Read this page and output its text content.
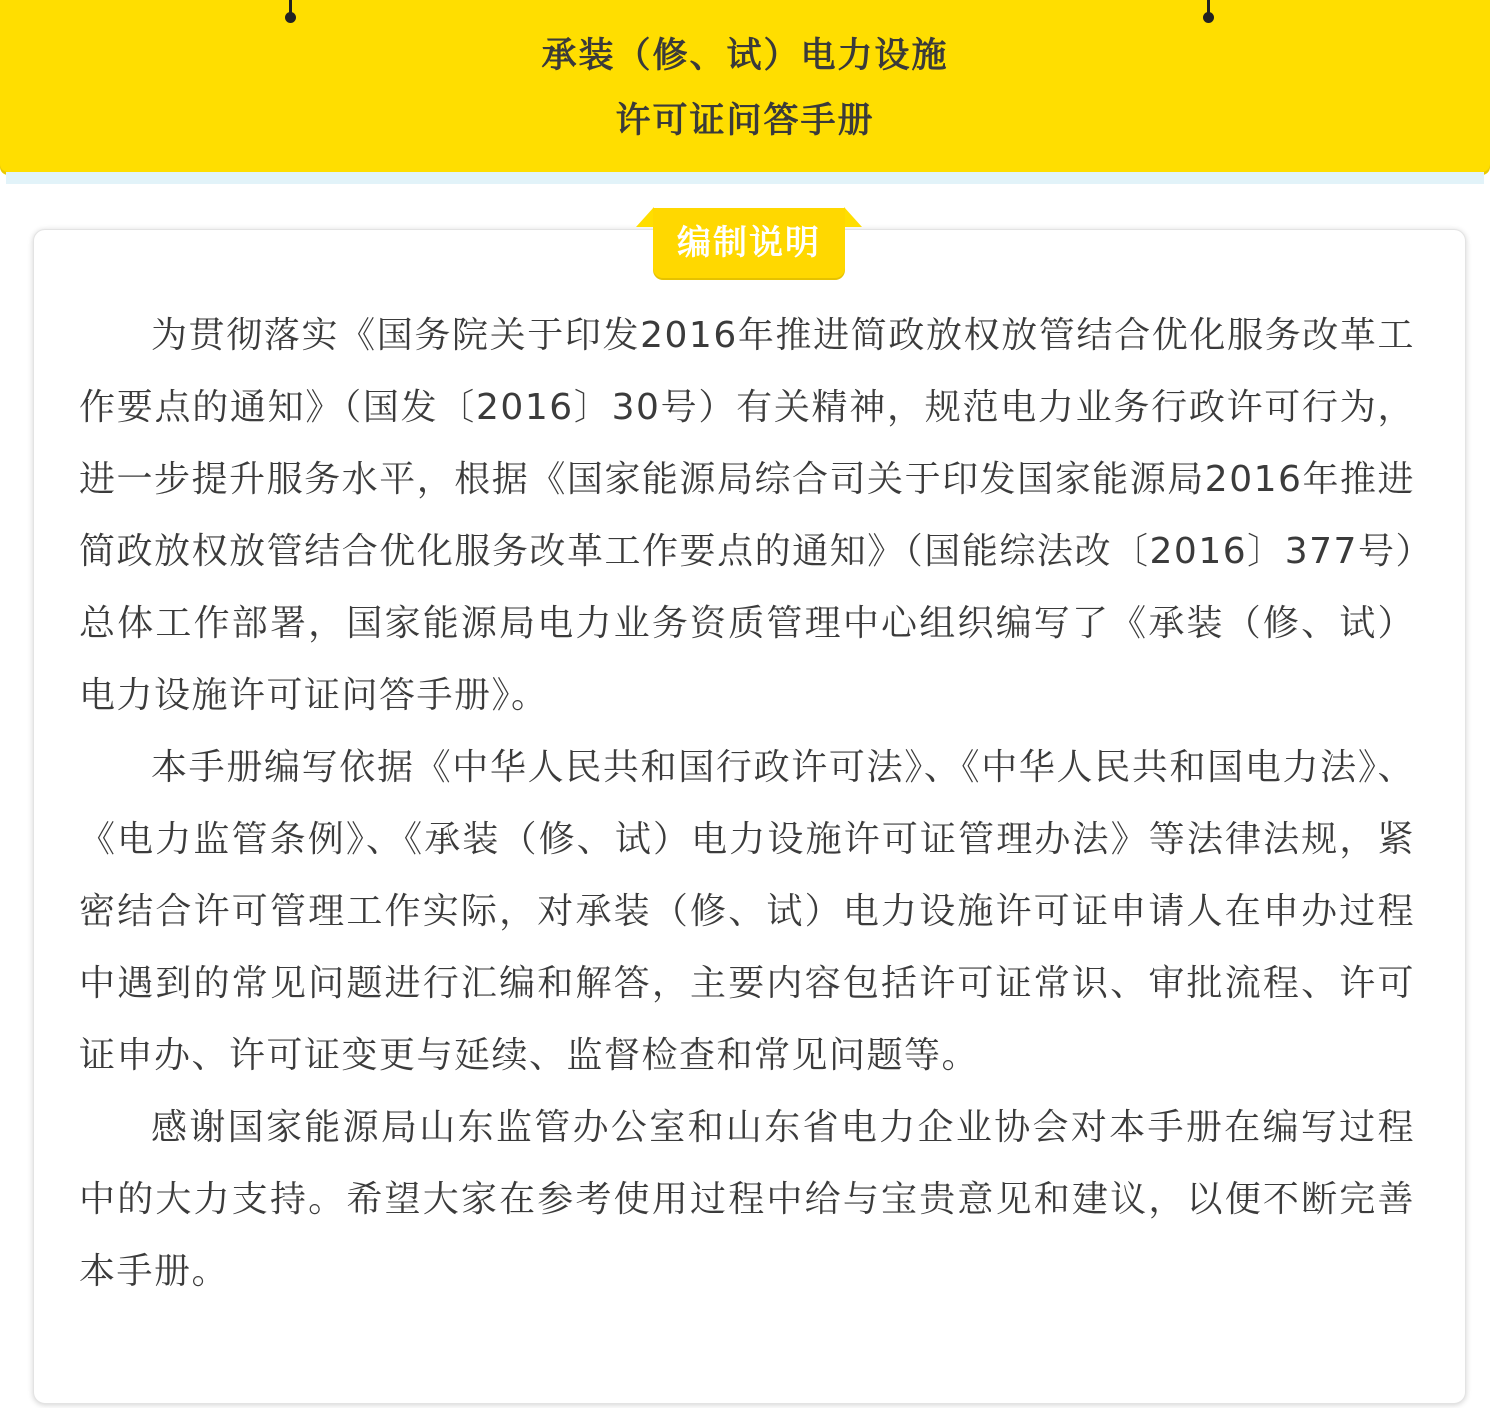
承装（修、试）电力设施
许可证问答手册
编制说明

为贯彻落实《国务院关于印发2016年推进简政放权放管结合优化服务改革工作要点的通知》（国发〔2016〕30号）有关精神，规范电力业务行政许可行为，进一步提升服务水平，根据《国家能源局综合司关于印发国家能源局2016年推进简政放权放管结合优化服务改革工作要点的通知》（国能综法改〔2016〕377号）总体工作部署，国家能源局电力业务资质管理中心组织编写了《承装（修、试）电力设施许可证问答手册》。

本手册编写依据《中华人民共和国行政许可法》、《中华人民共和国电力法》、《电力监管条例》、《承装（修、试）电力设施许可证管理办法》等法律法规，紧密结合许可管理工作实际，对承装（修、试）电力设施许可证申请人在申办过程中遇到的常见问题进行汇编和解答，主要内容包括许可证常识、审批流程、许可证申办、许可证变更与延续、监督检查和常见问题等。

感谢国家能源局山东监管办公室和山东省电力企业协会对本手册在编写过程中的大力支持。希望大家在参考使用过程中给与宝贵意见和建议，以便不断完善本手册。
